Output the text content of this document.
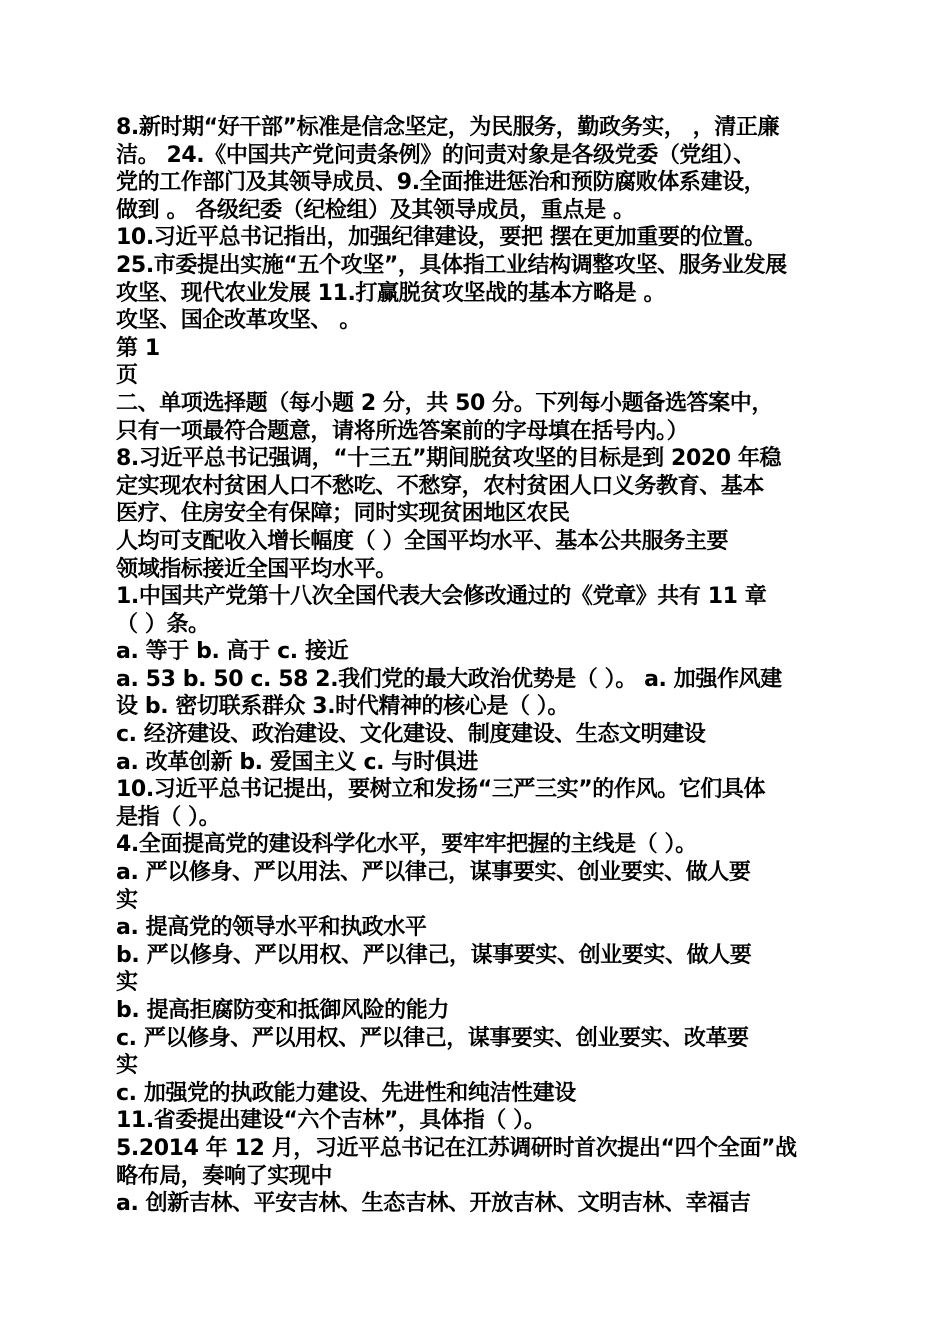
8.新时期“好干部”标准是信念坚定，为民服务，勤政务实， ，清正廉
洁。 24.《中国共产党问责条例》的问责对象是各级党委（党组）、
党的工作部门及其领导成员、9.全面推进惩治和预防腐败体系建设，
做到 。 各级纪委（纪检组）及其领导成员，重点是 。
10.习近平总书记指出，加强纪律建设，要把 摆在更加重要的位置。
25.市委提出实施“五个攻坚”，具体指工业结构调整攻坚、服务业发展
攻坚、现代农业发展 11.打赢脱贫攻坚战的基本方略是 。
攻坚、国企改革攻坚、 。
第 1
页
二、单项选择题（每小题 2 分，共 50 分。下列每小题备选答案中，
只有一项最符合题意，请将所选答案前的字母填在括号内。）
8.习近平总书记强调，“十三五”期间脱贫攻坚的目标是到 2020 年稳
定实现农村贫困人口不愁吃、不愁穿，农村贫困人口义务教育、基本
医疗、住房安全有保障；同时实现贫困地区农民
人均可支配收入增长幅度（ ）全国平均水平、基本公共服务主要
领域指标接近全国平均水平。
1.中国共产党第十八次全国代表大会修改通过的《党章》共有 11 章
（ ）条。
a. 等于 b. 高于 c. 接近
a. 53 b. 50 c. 58 2.我们党的最大政治优势是（ ）。 a. 加强作风建
设 b. 密切联系群众 3.时代精神的核心是（ ）。
c. 经济建设、政治建设、文化建设、制度建设、生态文明建设
a. 改革创新 b. 爱国主义 c. 与时俱进
10.习近平总书记提出，要树立和发扬“三严三实”的作风。它们具体
是指（ ）。
4.全面提高党的建设科学化水平，要牢牢把握的主线是（ ）。
a. 严以修身、严以用法、严以律己，谋事要实、创业要实、做人要
实
a. 提高党的领导水平和执政水平
b. 严以修身、严以用权、严以律己，谋事要实、创业要实、做人要
实
b. 提高拒腐防变和抵御风险的能力
c. 严以修身、严以用权、严以律己，谋事要实、创业要实、改革要
实
c. 加强党的执政能力建设、先进性和纯洁性建设
11.省委提出建设“六个吉林”，具体指（ ）。
5.2014 年 12 月，习近平总书记在江苏调研时首次提出“四个全面”战
略布局，奏响了实现中
a. 创新吉林、平安吉林、生态吉林、开放吉林、文明吉林、幸福吉
